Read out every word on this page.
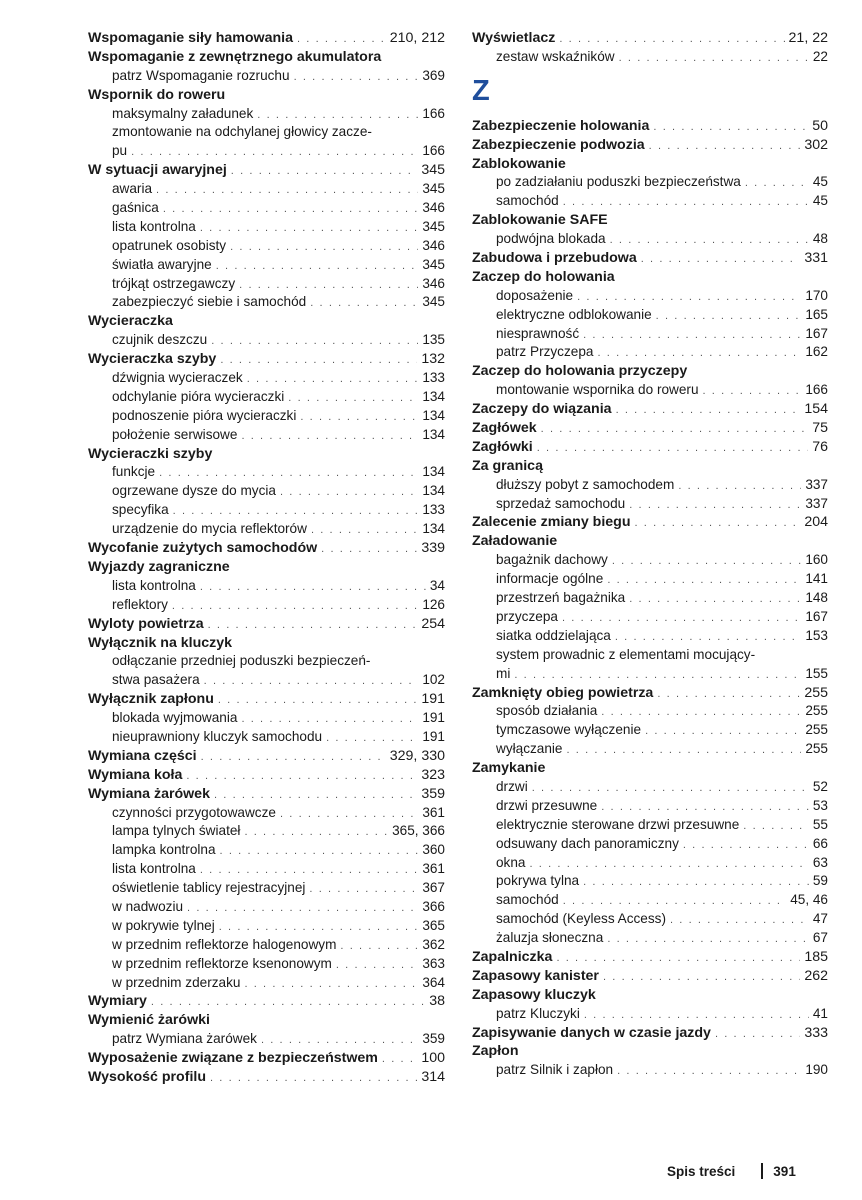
Wspomaganie siły hamowania . . .	210, 212
Wspomaganie z zewnętrznego akumulatora
patrz Wspomaganie rozruchu . . .	369
Wspornik do roweru
maksymalny załadunek . . .	166
zmontowanie na odchylanej głowicy zacze-
pu . . .	166
W sytuacji awaryjnej . . .	345
awaria . . .	345
gaśnica . . .	346
lista kontrolna . . .	345
opatrunek osobisty . . .	346
światła awaryjne . . .	345
trójkąt ostrzegawczy . . .	346
zabezpieczyć siebie i samochód . . .	345
Wycieraczka
czujnik deszczu . . .	135
Wycieraczka szyby . . .	132
dźwignia wycieraczek . . .	133
odchylanie pióra wycieraczki . . .	134
podnoszenie pióra wycieraczki . . .	134
położenie serwisowe . . .	134
Wycieraczki szyby
funkcje . . .	134
ogrzewane dysze do mycia . . .	134
specyfika . . .	133
urządzenie do mycia reflektorów . . .	134
Wycofanie zużytych samochodów . . .	339
Wyjazdy zagraniczne
lista kontrolna . . .	34
reflektory . . .	126
Wyloty powietrza . . .	254
Wyłącznik na kluczyk
odłączanie przedniej poduszki bezpieczeń-
stwa pasażera . . .	102
Wyłącznik zapłonu . . .	191
blokada wyjmowania . . .	191
nieuprawniony kluczyk samochodu . . .	191
Wymiana części . . .	329, 330
Wymiana koła . . .	323
Wymiana żarówek . . .	359
czynności przygotowawcze . . .	361
lampa tylnych świateł . . .	365, 366
lampka kontrolna . . .	360
lista kontrolna . . .	361
oświetlenie tablicy rejestracyjnej . . .	367
w nadwoziu . . .	366
w pokrywie tylnej . . .	365
w przednim reflektorze halogenowym . . .	362
w przednim reflektorze ksenonowym . . .	363
w przednim zderzaku . . .	364
Wymiary . . .	38
Wymienić żarówki
patrz Wymiana żarówek . . .	359
Wyposażenie związane z bezpieczeństwem . . .	100
Wysokość profilu . . .	314
Wyświetlacz . . .	21, 22
zestaw wskaźników . . .	22
Z
Zabezpieczenie holowania . . .	50
Zabezpieczenie podwozia . . .	302
Zablokowanie
po zadziałaniu poduszki bezpieczeństwa . . .	45
samochód . . .	45
Zablokowanie SAFE
podwójna blokada . . .	48
Zabudowa i przebudowa . . .	331
Zaczep do holowania
doposażenie . . .	170
elektryczne odblokowanie . . .	165
niesprawność . . .	167
patrz Przyczepa . . .	162
Zaczep do holowania przyczepy
montowanie wspornika do roweru . . .	166
Zaczepy do wiązania . . .	154
Zagłówek . . .	75
Zagłówki . . .	76
Za granicą
dłuższy pobyt z samochodem . . .	337
sprzedaż samochodu . . .	337
Zalecenie zmiany biegu . . .	204
Załadowanie
bagażnik dachowy . . .	160
informacje ogólne . . .	141
przestrzeń bagażnika . . .	148
przyczepa . . .	167
siatka oddzielająca . . .	153
system prowadnic z elementami mocujący-
mi . . .	155
Zamknięty obieg powietrza . . .	255
sposób działania . . .	255
tymczasowe wyłączenie . . .	255
wyłączanie . . .	255
Zamykanie
drzwi . . .	52
drzwi przesuwne . . .	53
elektrycznie sterowane drzwi przesuwne . . .	55
odsuwany dach panoramiczny . . .	66
okna . . .	63
pokrywa tylna . . .	59
samochód . . .	45, 46
samochód (Keyless Access) . . .	47
żaluzja słoneczna . . .	67
Zapalniczka . . .	185
Zapasowy kanister . . .	262
Zapasowy kluczyk
patrz Kluczyki . . .	41
Zapisywanie danych w czasie jazdy . . .	333
Zapłon
patrz Silnik i zapłon . . .	190
Spis treści	391
